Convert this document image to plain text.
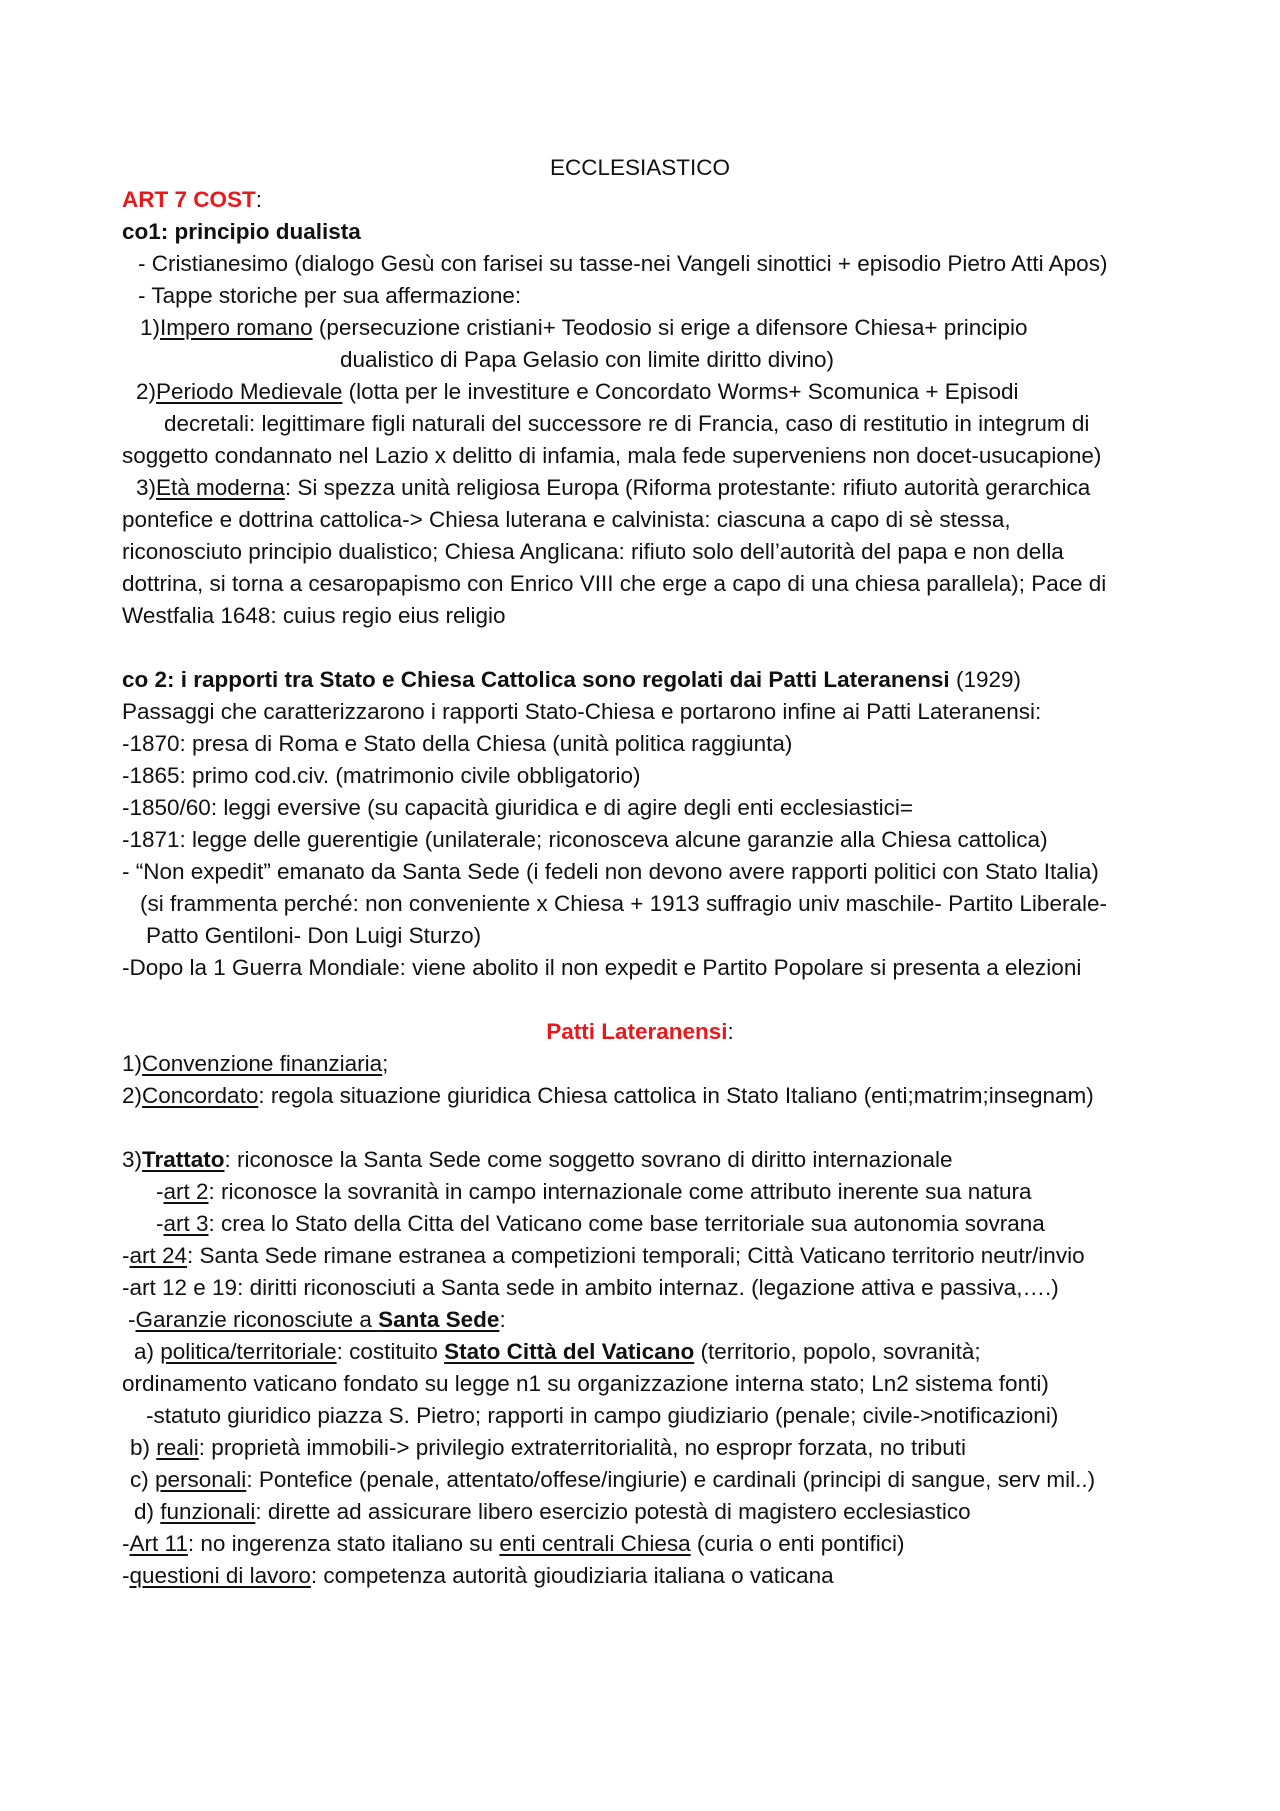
ECCLESIASTICO
ART 7 COST:
co1: principio dualista
- Cristianesimo (dialogo Gesù con farisei su tasse-nei Vangeli sinottici + episodio Pietro Atti Apos)
- Tappe storiche per sua affermazione:
1)Impero romano (persecuzione cristiani+ Teodosio si erige a difensore Chiesa+ principio
dualistico di Papa Gelasio con limite diritto divino)
2)Periodo Medievale (lotta per le investiture e Concordato Worms+ Scomunica + Episodi
decretali: legittimare figli naturali del successore re di Francia, caso di restitutio in integrum di
soggetto condannato nel Lazio x delitto di infamia, mala fede superveniens non docet-usucapione)
3)Età moderna: Si spezza unità religiosa Europa (Riforma protestante: rifiuto autorità gerarchica
pontefice e dottrina cattolica-> Chiesa luterana e calvinista: ciascuna a capo di sè stessa,
riconosciuto principio dualistico; Chiesa Anglicana: rifiuto solo dell’autorità del papa e non della
dottrina, si torna a cesaropapismo con Enrico VIII che erge a capo di una chiesa parallela); Pace di
Westfalia 1648: cuius regio eius religio
co 2: i rapporti tra Stato e Chiesa Cattolica sono regolati dai Patti Lateranensi (1929)
Passaggi che caratterizzarono i rapporti Stato-Chiesa e portarono infine ai Patti Lateranensi:
-1870: presa di Roma e Stato della Chiesa (unità politica raggiunta)
-1865: primo cod.civ. (matrimonio civile obbligatorio)
-1850/60: leggi eversive (su capacità giuridica e di agire degli enti ecclesiastici=
-1871: legge delle guerentigie (unilaterale; riconosceva alcune garanzie alla Chiesa cattolica)
- “Non expedit” emanato da Santa Sede (i fedeli non devono avere rapporti politici con Stato Italia)
(si frammenta perché: non conveniente x Chiesa + 1913 suffragio univ maschile- Partito Liberale-
Patto Gentiloni- Don Luigi Sturzo)
-Dopo la 1 Guerra Mondiale: viene abolito il non expedit e Partito Popolare si presenta a elezioni
Patti Lateranensi:
1)Convenzione finanziaria;
2)Concordato: regola situazione giuridica Chiesa cattolica in Stato Italiano (enti;matrim;insegnam)
3)Trattato: riconosce la Santa Sede come soggetto sovrano di diritto internazionale
-art 2: riconosce la sovranità in campo internazionale come attributo inerente sua natura
-art 3: crea lo Stato della Citta del Vaticano come base territoriale sua autonomia sovrana
-art 24: Santa Sede rimane estranea a competizioni temporali; Città Vaticano territorio neutr/invio
-art 12 e 19: diritti riconosciuti a Santa sede in ambito internaz. (legazione attiva e passiva,….)
-Garanzie riconosciute a Santa Sede:
a) politica/territoriale: costituito Stato Città del Vaticano (territorio, popolo, sovranità;
ordinamento vaticano fondato su legge n1 su organizzazione interna stato; Ln2 sistema fonti)
-statuto giuridico piazza S. Pietro; rapporti in campo giudiziario (penale; civile->notificazioni)
b) reali: proprietà immobili-> privilegio extraterritorialità, no espropr forzata, no tributi
c) personali: Pontefice (penale, attentato/offese/ingiurie) e cardinali (principi di sangue, serv mil..)
d) funzionali: dirette ad assicurare libero esercizio potestà di magistero ecclesiastico
-Art 11: no ingerenza stato italiano su enti centrali Chiesa (curia o enti pontifici)
-questioni di lavoro: competenza autorità gioudiziaria italiana o vaticana
